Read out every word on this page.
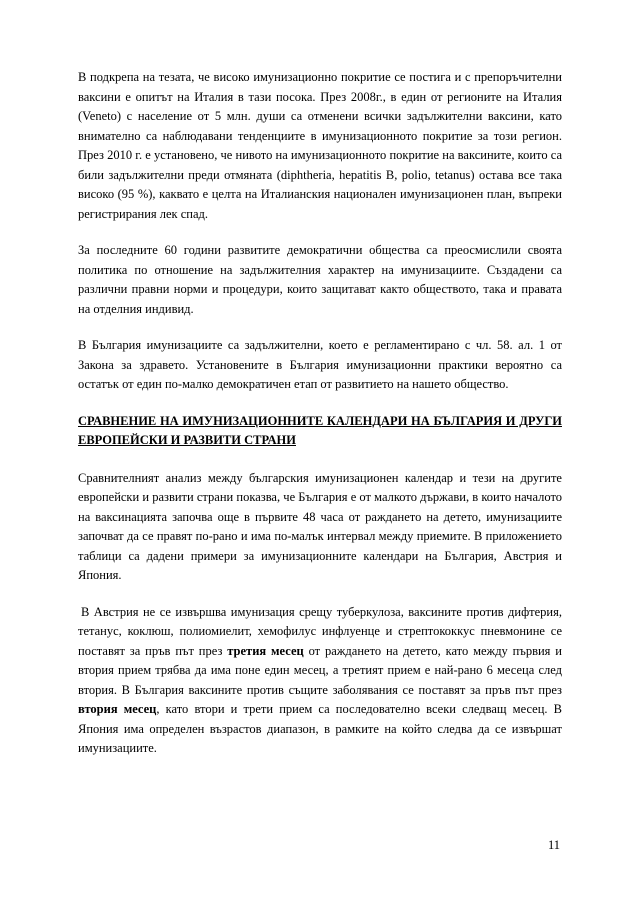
В подкрепа на тезата, че високо имунизационно покритие се постига и с препоръчителни ваксини е опитът на Италия в тази посока. През 2008г., в един от регионите на Италия (Veneto) с население от 5 млн. души са отменени всички задължителни ваксини, като внимателно са наблюдавани тенденциите в имунизационното покритие за този регион. През 2010 г. е установено, че нивото на имунизационното покритие на ваксините, които са били задължителни преди отмяната (diphtheria, hepatitis B, polio, tetanus) остава все така високо (95 %), каквато е целта на Италианския национален имунизационен план, въпреки регистрирания лек спад.

За последните 60 години развитите демократични общества са преосмислили своята политика по отношение на задължителния характер на имунизациите. Създадени са различни правни норми и процедури, които защитават както обществото, така и правата на отделния индивид.

В България имунизациите са задължителни, което е регламентирано с чл. 58. ал. 1 от Закона за здравето. Установените в България имунизационни практики вероятно са остатък от един по-малко демократичен етап от развитието на нашето общество.

СРАВНЕНИЕ НА ИМУНИЗАЦИОННИТЕ КАЛЕНДАРИ НА БЪЛГАРИЯ И ДРУГИ ЕВРОПЕЙСКИ И РАЗВИТИ СТРАНИ

Сравнителният анализ между българския имунизационен календар и тези на другите европейски и развити страни показва, че България е от малкото държави, в които началото на ваксинацията започва още в първите 48 часа от раждането на детето, имунизациите започват да се правят по-рано и има по-малък интервал между приемите. В приложението таблици са дадени примери за имунизационните календари на България, Австрия и Япония.

В Австрия не се извършва имунизация срещу туберкулоза, ваксините против дифтерия, тетанус, коклюш, полиомиелит, хемофилус инфлуенце и стрептококкус пневмонине се поставят за пръв път през третия месец от раждането на детето, като между първия и втория прием трябва да има поне един месец, а третият прием е най-рано 6 месеца след втория. В България ваксините против същите заболявания се поставят за пръв път през втория месец, като втори и трети прием са последователно всеки следващ месец. В Япония има определен възрастов диапазон, в рамките на който следва да се извършат имунизациите.

11
